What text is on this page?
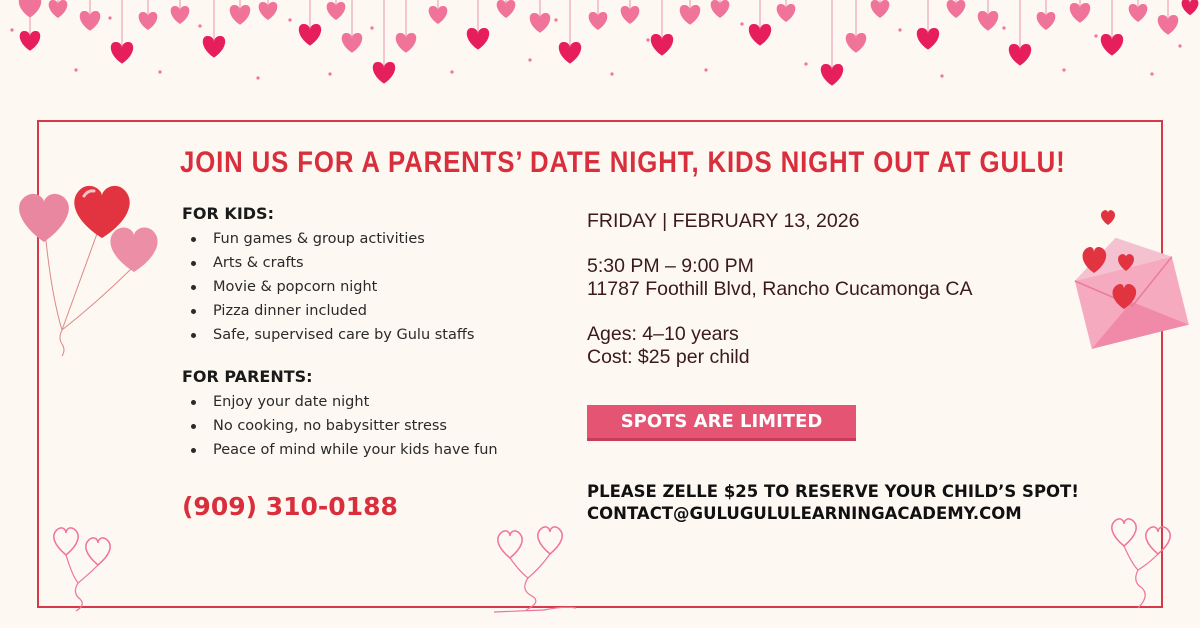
JOIN US FOR A PARENTS’ DATE NIGHT, KIDS NIGHT OUT AT GULU!

FOR KIDS:

Fun games & group activities
Arts & crafts
Movie & popcorn night
Pizza dinner included
Safe, supervised care by Gulu staffs

FOR PARENTS:

Enjoy your date night
No cooking, no babysitter stress
Peace of mind while your kids have fun
(909) 310-0188

FRIDAY | FEBRUARY 13, 2026

5:30 PM – 9:00 PM

11787 Foothill Blvd, Rancho Cucamonga CA

Ages: 4–10 years

Cost: $25 per child

SPOTS ARE LIMITED
PLEASE ZELLE $25 TO RESERVE YOUR CHILD’S SPOT!
CONTACT@GULUGULULEARNINGACADEMY.COM
